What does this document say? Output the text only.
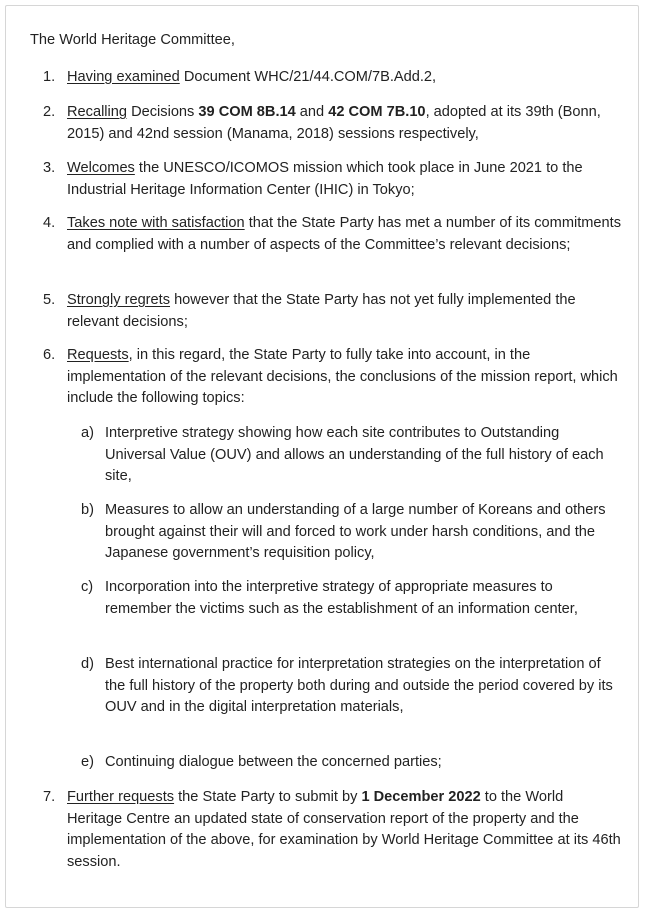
The World Heritage Committee,

1. Having examined Document WHC/21/44.COM/7B.Add.2,
2. Recalling Decisions 39 COM 8B.14 and 42 COM 7B.10, adopted at its 39th (Bonn, 2015) and 42nd session (Manama, 2018) sessions respectively,
3. Welcomes the UNESCO/ICOMOS mission which took place in June 2021 to the Industrial Heritage Information Center (IHIC) in Tokyo;
4. Takes note with satisfaction that the State Party has met a number of its commitments and complied with a number of aspects of the Committee’s relevant decisions;
5. Strongly regrets however that the State Party has not yet fully implemented the relevant decisions;
6. Requests, in this regard, the State Party to fully take into account, in the implementation of the relevant decisions, the conclusions of the mission report, which include the following topics:
a) Interpretive strategy showing how each site contributes to Outstanding Universal Value (OUV) and allows an understanding of the full history of each site,
b) Measures to allow an understanding of a large number of Koreans and others brought against their will and forced to work under harsh conditions, and the Japanese government’s requisition policy,
c) Incorporation into the interpretive strategy of appropriate measures to remember the victims such as the establishment of an information center,
d) Best international practice for interpretation strategies on the interpretation of the full history of the property both during and outside the period covered by its OUV and in the digital interpretation materials,
e) Continuing dialogue between the concerned parties;
7. Further requests the State Party to submit by 1 December 2022 to the World Heritage Centre an updated state of conservation report of the property and the implementation of the above, for examination by World Heritage Committee at its 46th session.
